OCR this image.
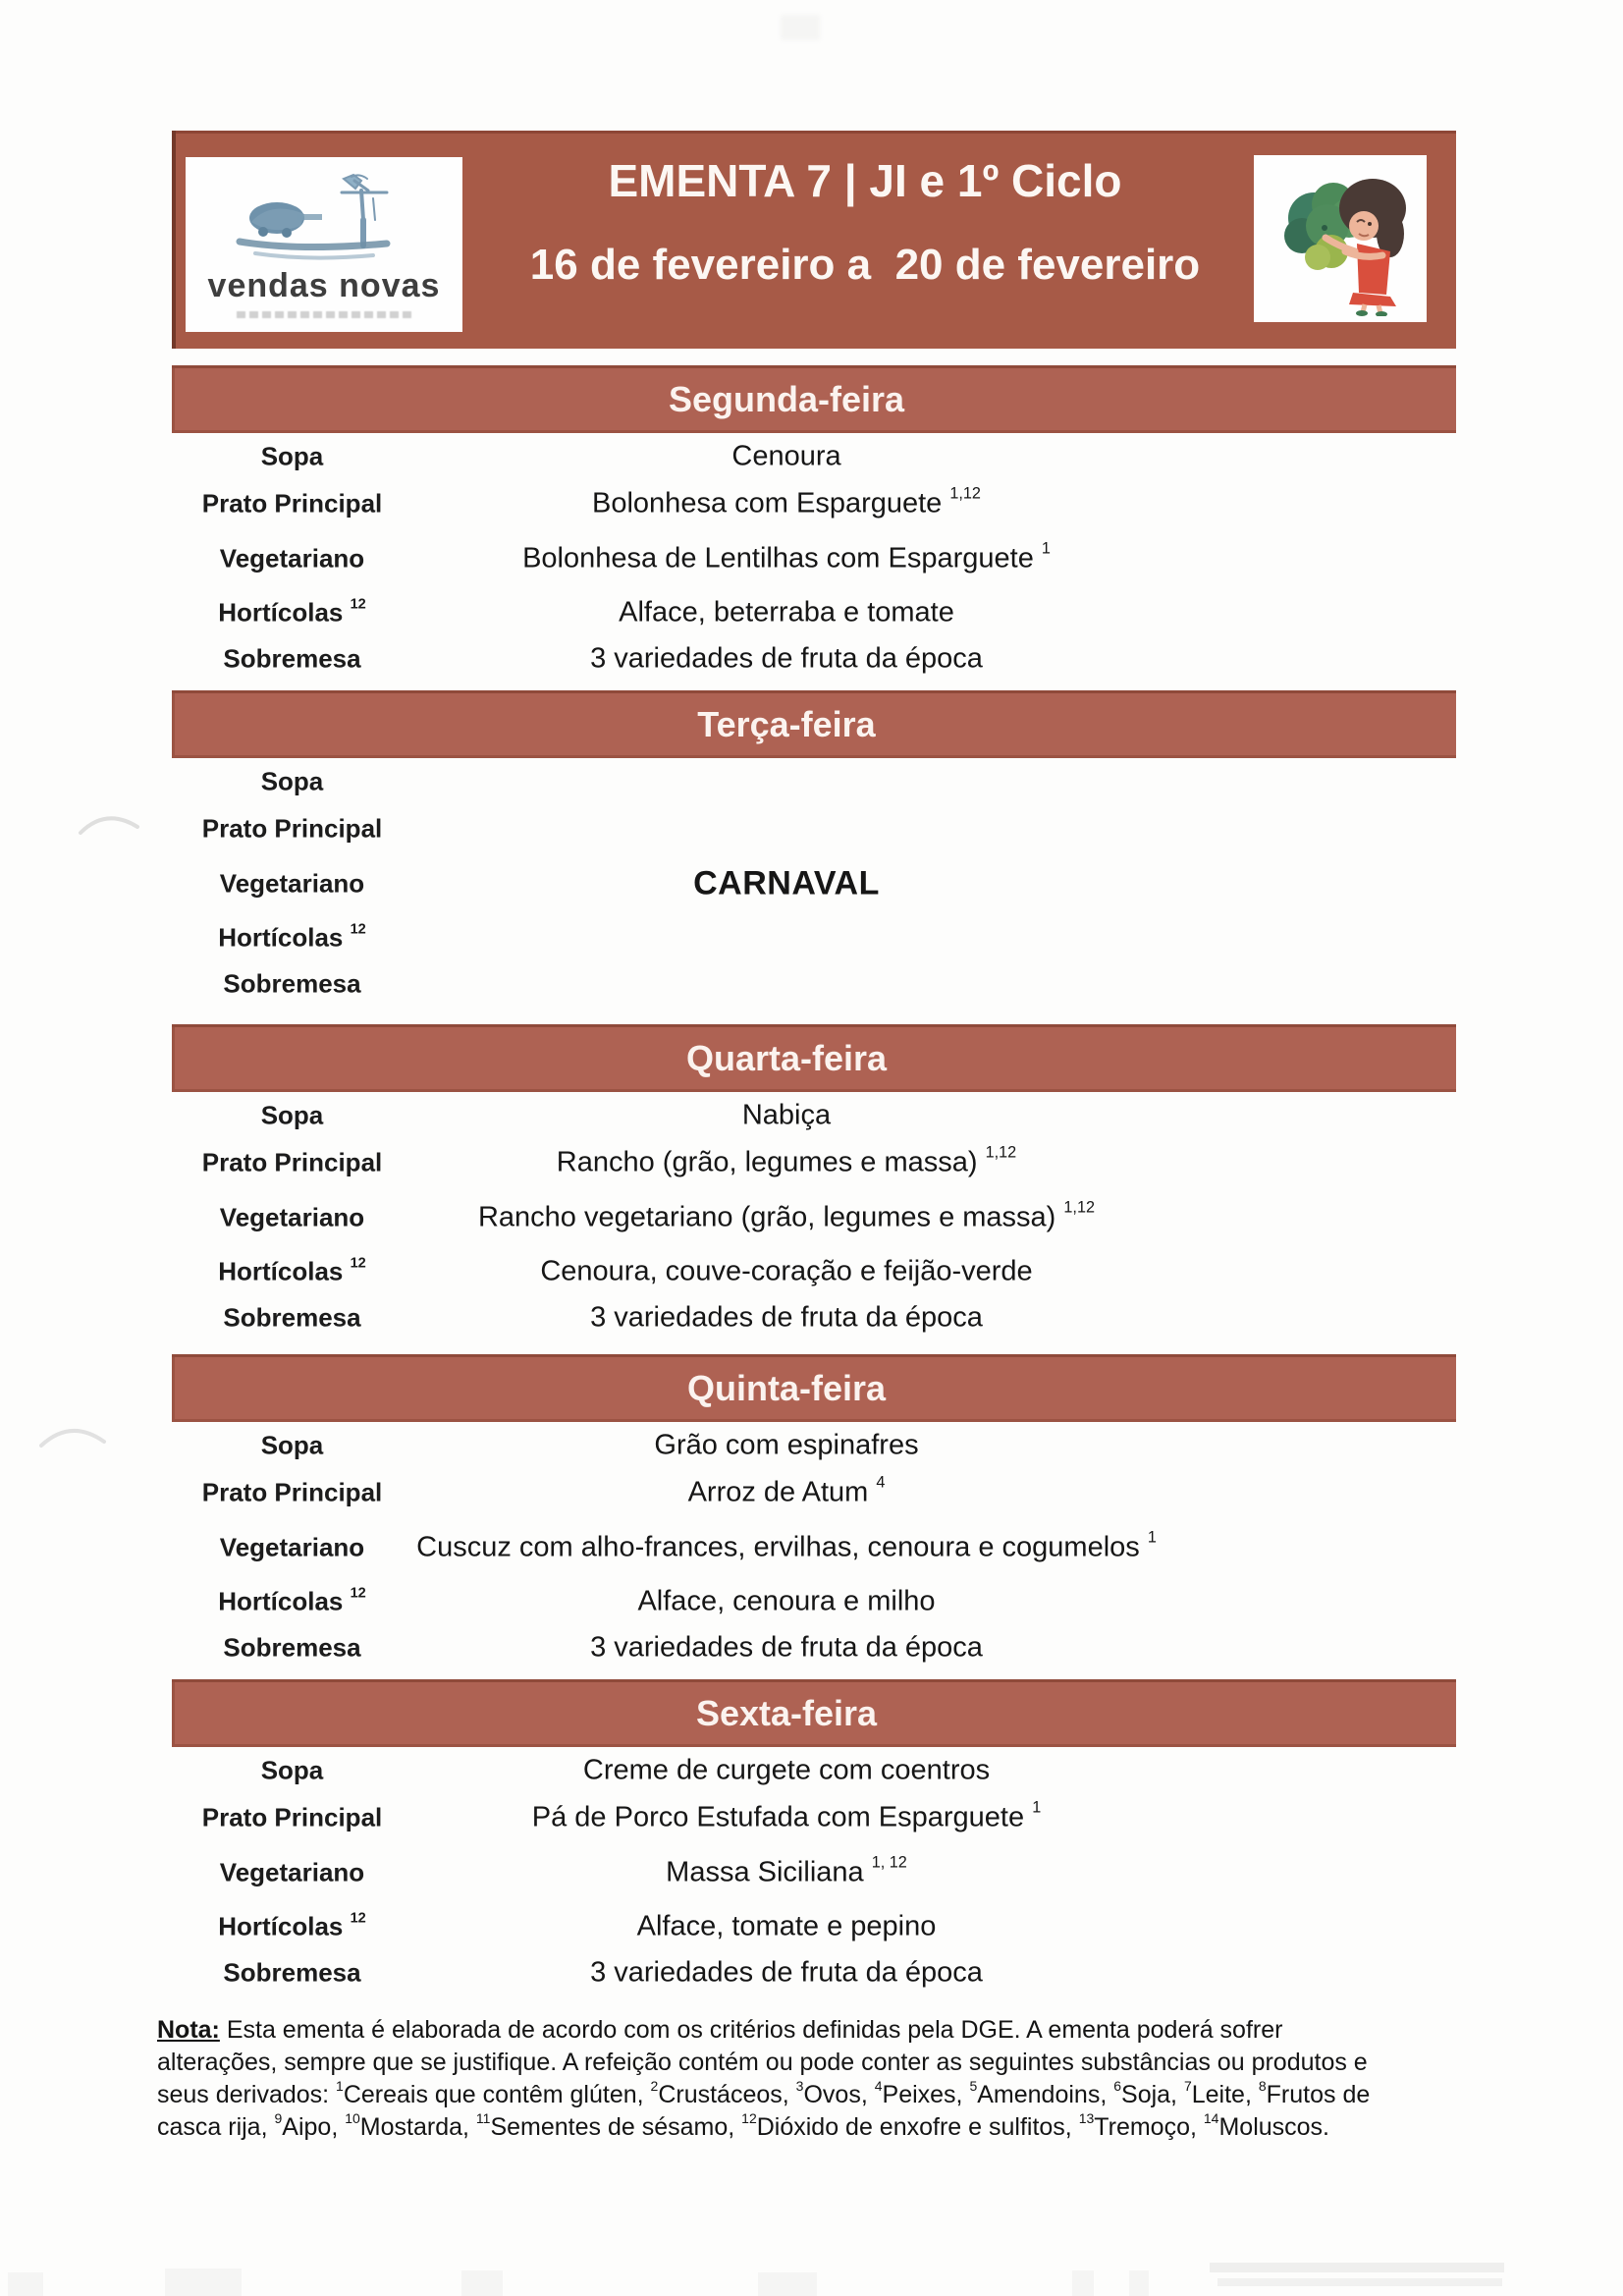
vendas novas
EMENTA 7 | JI e 1º Ciclo
16 de fevereiro a  20 de fevereiro
Segunda-feira
Sopa	Cenoura
Prato Principal	Bolonhesa com Esparguete $^{1,12}$
Vegetariano	Bolonhesa de Lentilhas com Esparguete $^1$
Hortícolas $^{12}$	Alface, beterraba e tomate
Sobremesa	3 variedades de fruta da época
Terça-feira
Sopa
Prato Principal
Vegetariano	CARNAVAL
Hortícolas $^{12}$
Sobremesa
Quarta-feira
Sopa	Nabiça
Prato Principal	Rancho (grão, legumes e massa) $^{1,12}$
Vegetariano	Rancho vegetariano (grão, legumes e massa) $^{1,12}$
Hortícolas $^{12}$	Cenoura, couve-coração e feijão-verde
Sobremesa	3 variedades de fruta da época
Quinta-feira
Sopa	Grão com espinafres
Prato Principal	Arroz de Atum $^4$
Vegetariano	Cuscuz com alho-frances, ervilhas, cenoura e cogumelos $^1$
Hortícolas $^{12}$	Alface, cenoura e milho
Sobremesa	3 variedades de fruta da época
Sexta-feira
Sopa	Creme de curgete com coentros
Prato Principal	Pá de Porco Estufada com Esparguete $^1$
Vegetariano	Massa Siciliana $^{1, 12}$
Hortícolas $^{12}$	Alface, tomate e pepino
Sobremesa	3 variedades de fruta da época
Nota: Esta ementa é elaborada de acordo com os critérios definidas pela DGE. A ementa poderá sofrer
alterações, sempre que se justifique. A refeição contém ou pode conter as seguintes substâncias ou produtos e
seus derivados: $^1$Cereais que contêm glúten, $^2$Crustáceos, $^3$Ovos, $^4$Peixes, $^5$Amendoins, $^6$Soja, $^7$Leite, $^8$Frutos de
casca rija, $^9$Aipo, $^{10}$Mostarda, $^{11}$Sementes de sésamo, $^{12}$Dióxido de enxofre e sulfitos, $^{13}$Tremoço, $^{14}$Moluscos.
